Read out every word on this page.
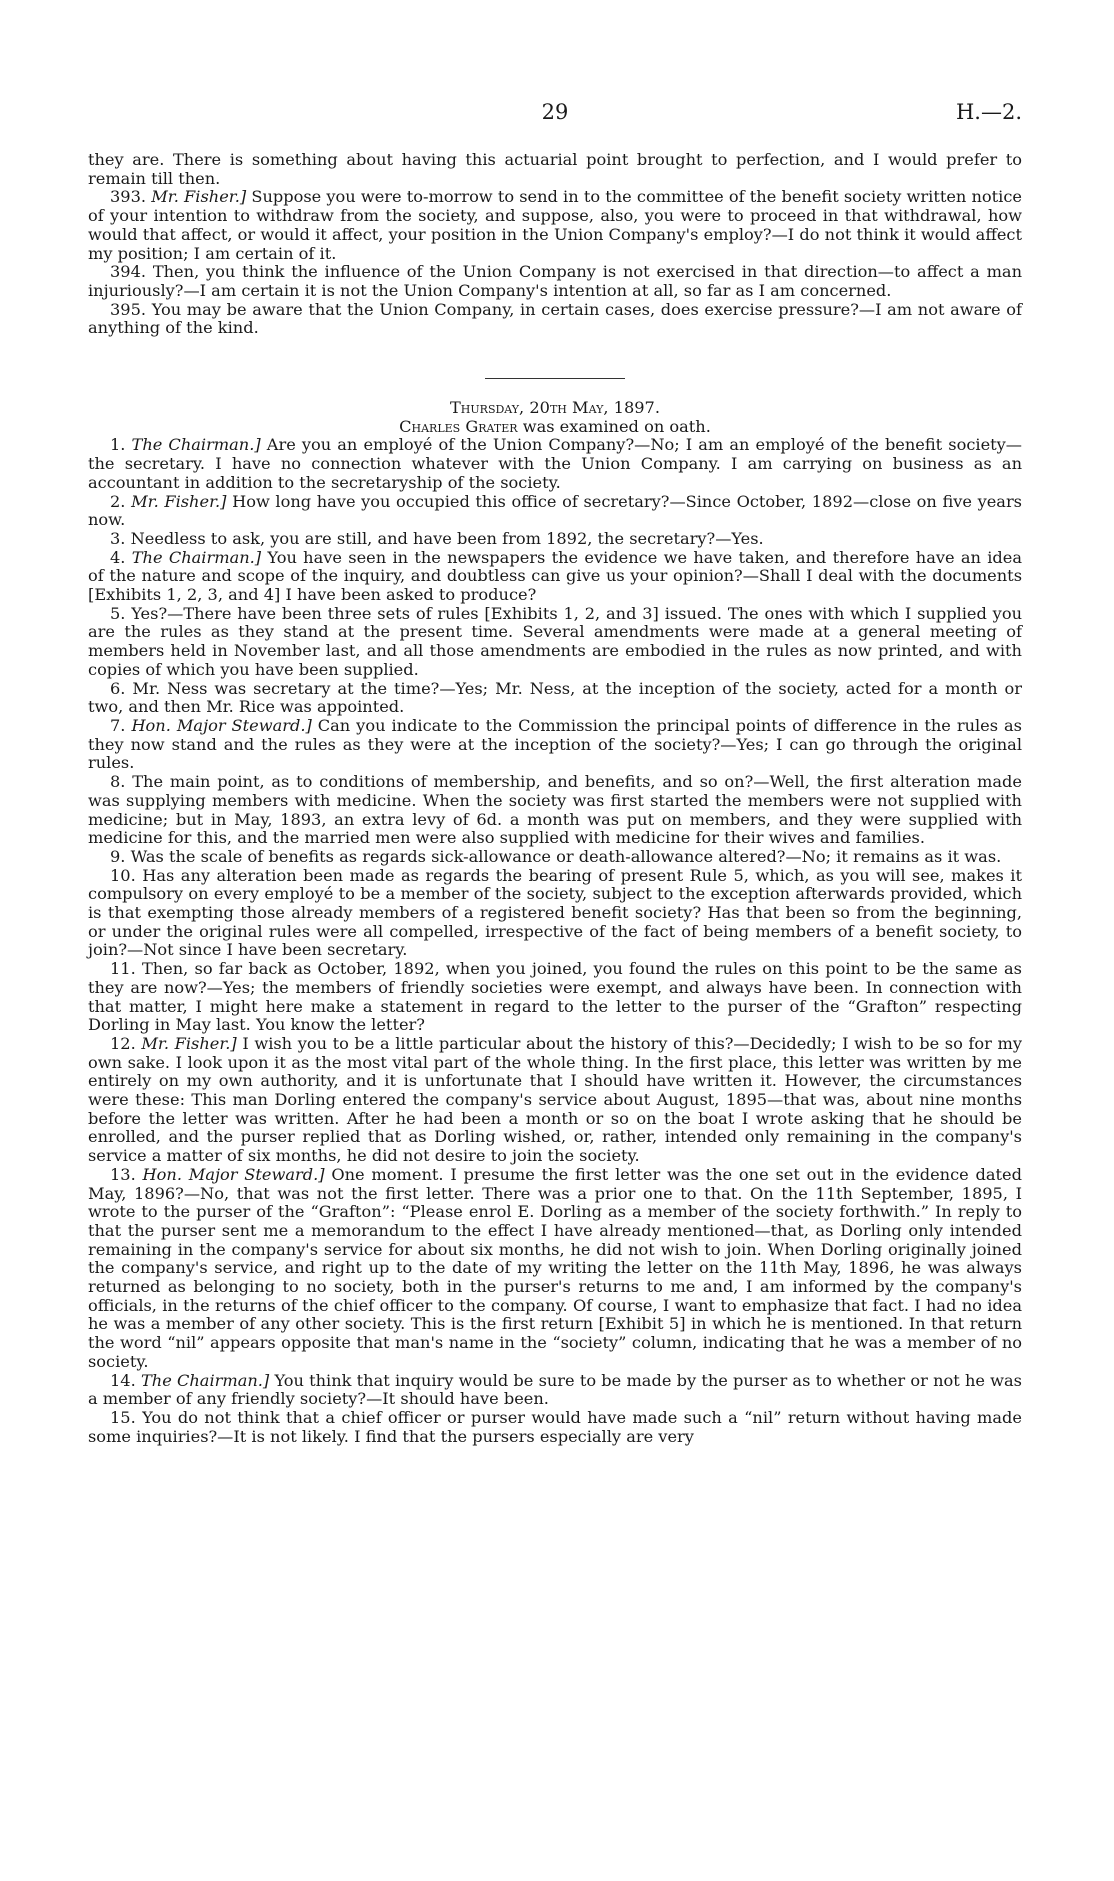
29	H.—2.

they are. There is something about having this actuarial point brought to perfection, and I would prefer to remain till then.

393. Mr. Fisher.] Suppose you were to-morrow to send in to the committee of the benefit society written notice of your intention to withdraw from the society, and suppose, also, you were to proceed in that withdrawal, how would that affect, or would it affect, your position in the Union Company's employ?—I do not think it would affect my position; I am certain of it.

394. Then, you think the influence of the Union Company is not exercised in that direction—to affect a man injuriously?—I am certain it is not the Union Company's intention at all, so far as I am concerned.

395. You may be aware that the Union Company, in certain cases, does exercise pressure?—I am not aware of anything of the kind.

Thursday, 20th May, 1897.

Charles Grater was examined on oath.

1. The Chairman.] Are you an employé of the Union Company?—No; I am an employé of the benefit society—the secretary. I have no connection whatever with the Union Company. I am carrying on business as an accountant in addition to the secretaryship of the society.

2. Mr. Fisher.] How long have you occupied this office of secretary?—Since October, 1892—close on five years now.

3. Needless to ask, you are still, and have been from 1892, the secretary?—Yes.

4. The Chairman.] You have seen in the newspapers the evidence we have taken, and therefore have an idea of the nature and scope of the inquiry, and doubtless can give us your opinion?—Shall I deal with the documents [Exhibits 1, 2, 3, and 4] I have been asked to produce?

5. Yes?—There have been three sets of rules [Exhibits 1, 2, and 3] issued. The ones with which I supplied you are the rules as they stand at the present time. Several amendments were made at a general meeting of members held in November last, and all those amendments are embodied in the rules as now printed, and with copies of which you have been supplied.

6. Mr. Ness was secretary at the time?—Yes; Mr. Ness, at the inception of the society, acted for a month or two, and then Mr. Rice was appointed.

7. Hon. Major Steward.] Can you indicate to the Commission the principal points of difference in the rules as they now stand and the rules as they were at the inception of the society?—Yes; I can go through the original rules.

8. The main point, as to conditions of membership, and benefits, and so on?—Well, the first alteration made was supplying members with medicine. When the society was first started the members were not supplied with medicine; but in May, 1893, an extra levy of 6d. a month was put on members, and they were supplied with medicine for this, and the married men were also supplied with medicine for their wives and families.

9. Was the scale of benefits as regards sick-allowance or death-allowance altered?—No; it remains as it was.

10. Has any alteration been made as regards the bearing of present Rule 5, which, as you will see, makes it compulsory on every employé to be a member of the society, subject to the exception afterwards provided, which is that exempting those already members of a registered benefit society? Has that been so from the beginning, or under the original rules were all compelled, irrespective of the fact of being members of a benefit society, to join?—Not since I have been secretary.

11. Then, so far back as October, 1892, when you joined, you found the rules on this point to be the same as they are now?—Yes; the members of friendly societies were exempt, and always have been. In connection with that matter, I might here make a statement in regard to the letter to the purser of the “Grafton” respecting Dorling in May last. You know the letter?

12. Mr. Fisher.] I wish you to be a little particular about the history of this?—Decidedly; I wish to be so for my own sake. I look upon it as the most vital part of the whole thing. In the first place, this letter was written by me entirely on my own authority, and it is unfortunate that I should have written it. However, the circumstances were these: This man Dorling entered the company's service about August, 1895—that was, about nine months before the letter was written. After he had been a month or so on the boat I wrote asking that he should be enrolled, and the purser replied that as Dorling wished, or, rather, intended only remaining in the company's service a matter of six months, he did not desire to join the society.

13. Hon. Major Steward.] One moment. I presume the first letter was the one set out in the evidence dated May, 1896?—No, that was not the first letter. There was a prior one to that. On the 11th September, 1895, I wrote to the purser of the “Grafton”: “Please enrol E. Dorling as a member of the society forthwith.” In reply to that the purser sent me a memorandum to the effect I have already mentioned—that, as Dorling only intended remaining in the company's service for about six months, he did not wish to join. When Dorling originally joined the company's service, and right up to the date of my writing the letter on the 11th May, 1896, he was always returned as belonging to no society, both in the purser's returns to me and, I am informed by the company's officials, in the returns of the chief officer to the company. Of course, I want to emphasize that fact. I had no idea he was a member of any other society. This is the first return [Exhibit 5] in which he is mentioned. In that return the word “nil” appears opposite that man's name in the “society” column, indicating that he was a member of no society.

14. The Chairman.] You think that inquiry would be sure to be made by the purser as to whether or not he was a member of any friendly society?—It should have been.

15. You do not think that a chief officer or purser would have made such a “nil” return without having made some inquiries?—It is not likely. I find that the pursers especially are very
